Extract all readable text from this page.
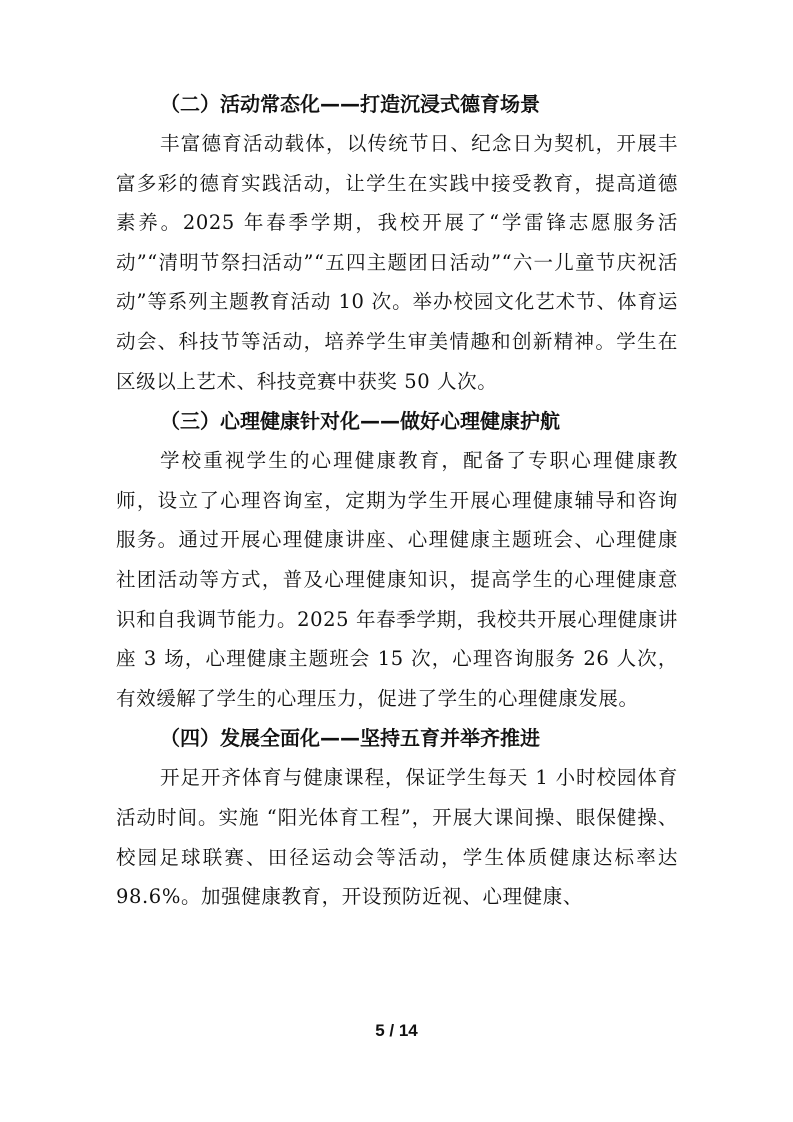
（二）活动常态化——打造沉浸式德育场景

丰富德育活动载体，以传统节日、纪念日为契机，开展丰富多彩的德育实践活动，让学生在实践中接受教育，提高道德素养。2025 年春季学期，我校开展了“学雷锋志愿服务活动”“清明节祭扫活动”“五四主题团日活动”“六一儿童节庆祝活动”等系列主题教育活动 10 次。举办校园文化艺术节、体育运动会、科技节等活动，培养学生审美情趣和创新精神。学生在区级以上艺术、科技竞赛中获奖 50 人次。

（三）心理健康针对化——做好心理健康护航

学校重视学生的心理健康教育，配备了专职心理健康教师，设立了心理咨询室，定期为学生开展心理健康辅导和咨询服务。通过开展心理健康讲座、心理健康主题班会、心理健康社团活动等方式，普及心理健康知识，提高学生的心理健康意识和自我调节能力。2025 年春季学期，我校共开展心理健康讲座 3 场，心理健康主题班会 15 次，心理咨询服务 26 人次，有效缓解了学生的心理压力，促进了学生的心理健康发展。

（四）发展全面化——坚持五育并举齐推进

开足开齐体育与健康课程，保证学生每天 1 小时校园体育活动时间。实施 “阳光体育工程”，开展大课间操、眼保健操、校园足球联赛、田径运动会等活动，学生体质健康达标率达 98.6%。加强健康教育，开设预防近视、心理健康、

5 / 14
